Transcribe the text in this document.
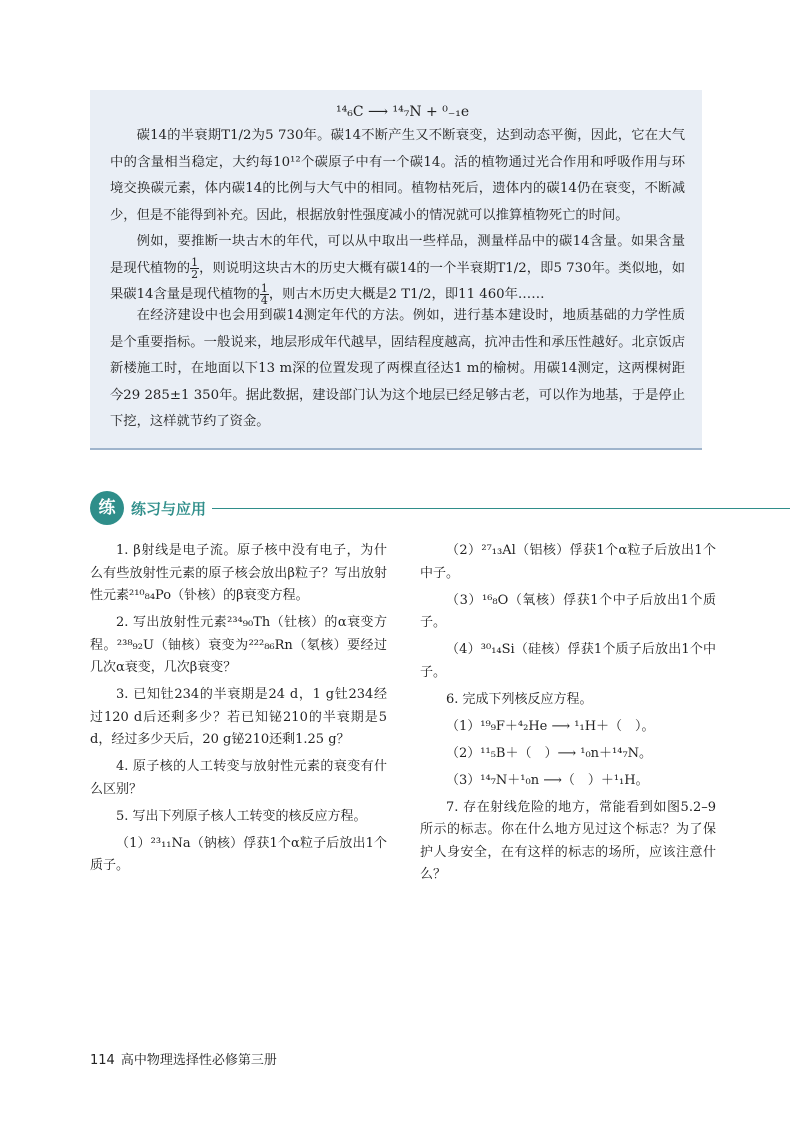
¹⁴₆C ⟶ ¹⁴₇N + ⁰₋₁e

碳14的半衰期T1/2为5 730年。碳14不断产生又不断衰变，达到动态平衡，因此，它在大气中的含量相当稳定，大约每10¹²个碳原子中有一个碳14。活的植物通过光合作用和呼吸作用与环境交换碳元素，体内碳14的比例与大气中的相同。植物枯死后，遗体内的碳14仍在衰变，不断减少，但是不能得到补充。因此，根据放射性强度减小的情况就可以推算植物死亡的时间。

例如，要推断一块古木的年代，可以从中取出一些样品，测量样品中的碳14含量。如果含量是现代植物的 $\frac{1}{2}$ ，则说明这块古木的历史大概有碳14的一个半衰期T1/2，即5 730年。类似地，如果碳14含量是现代植物的 $\frac{1}{4}$ ，则古木历史大概是2 T1/2，即11 460年……

在经济建设中也会用到碳14测定年代的方法。例如，进行基本建设时，地质基础的力学性质是个重要指标。一般说来，地层形成年代越早，固结程度越高，抗冲击性和承压性越好。北京饭店新楼施工时，在地面以下13 m深的位置发现了两棵直径达1 m的榆树。用碳14测定，这两棵树距今29 285±1 350年。据此数据，建设部门认为这个地层已经足够古老，可以作为地基，于是停止下挖，这样就节约了资金。

练	练习与应用

1. β射线是电子流。原子核中没有电子，为什么有些放射性元素的原子核会放出β粒子？写出放射性元素²¹⁰₈₄Po（钋核）的β衰变方程。

2. 写出放射性元素²³⁴₉₀Th（钍核）的α衰变方程。²³⁸₉₂U（铀核）衰变为²²²₈₆Rn（氡核）要经过几次α衰变，几次β衰变？

3. 已知钍234的半衰期是24 d，1 g钍234经过120 d后还剩多少？若已知铋210的半衰期是5 d，经过多少天后，20 g铋210还剩1.25 g？

4. 原子核的人工转变与放射性元素的衰变有什么区别？

5. 写出下列原子核人工转变的核反应方程。

（1）²³₁₁Na（钠核）俘获1个α粒子后放出1个质子。

（2）²⁷₁₃Al（铝核）俘获1个α粒子后放出1个中子。

（3）¹⁶₈O（氧核）俘获1个中子后放出1个质子。

（4）³⁰₁₄Si（硅核）俘获1个质子后放出1个中子。

6. 完成下列核反应方程。

（1）¹⁹₉F＋⁴₂He ⟶ ¹₁H＋（　）。

（2）¹¹₅B＋（　）⟶ ¹₀n＋¹⁴₇N。

（3）¹⁴₇N＋¹₀n ⟶（　）＋¹₁H。

7. 存在射线危险的地方，常能看到如图5.2–9所示的标志。你在什么地方见过这个标志？为了保护人身安全，在有这样的标志的场所，应该注意什么？

114 高中物理选择性必修第三册
